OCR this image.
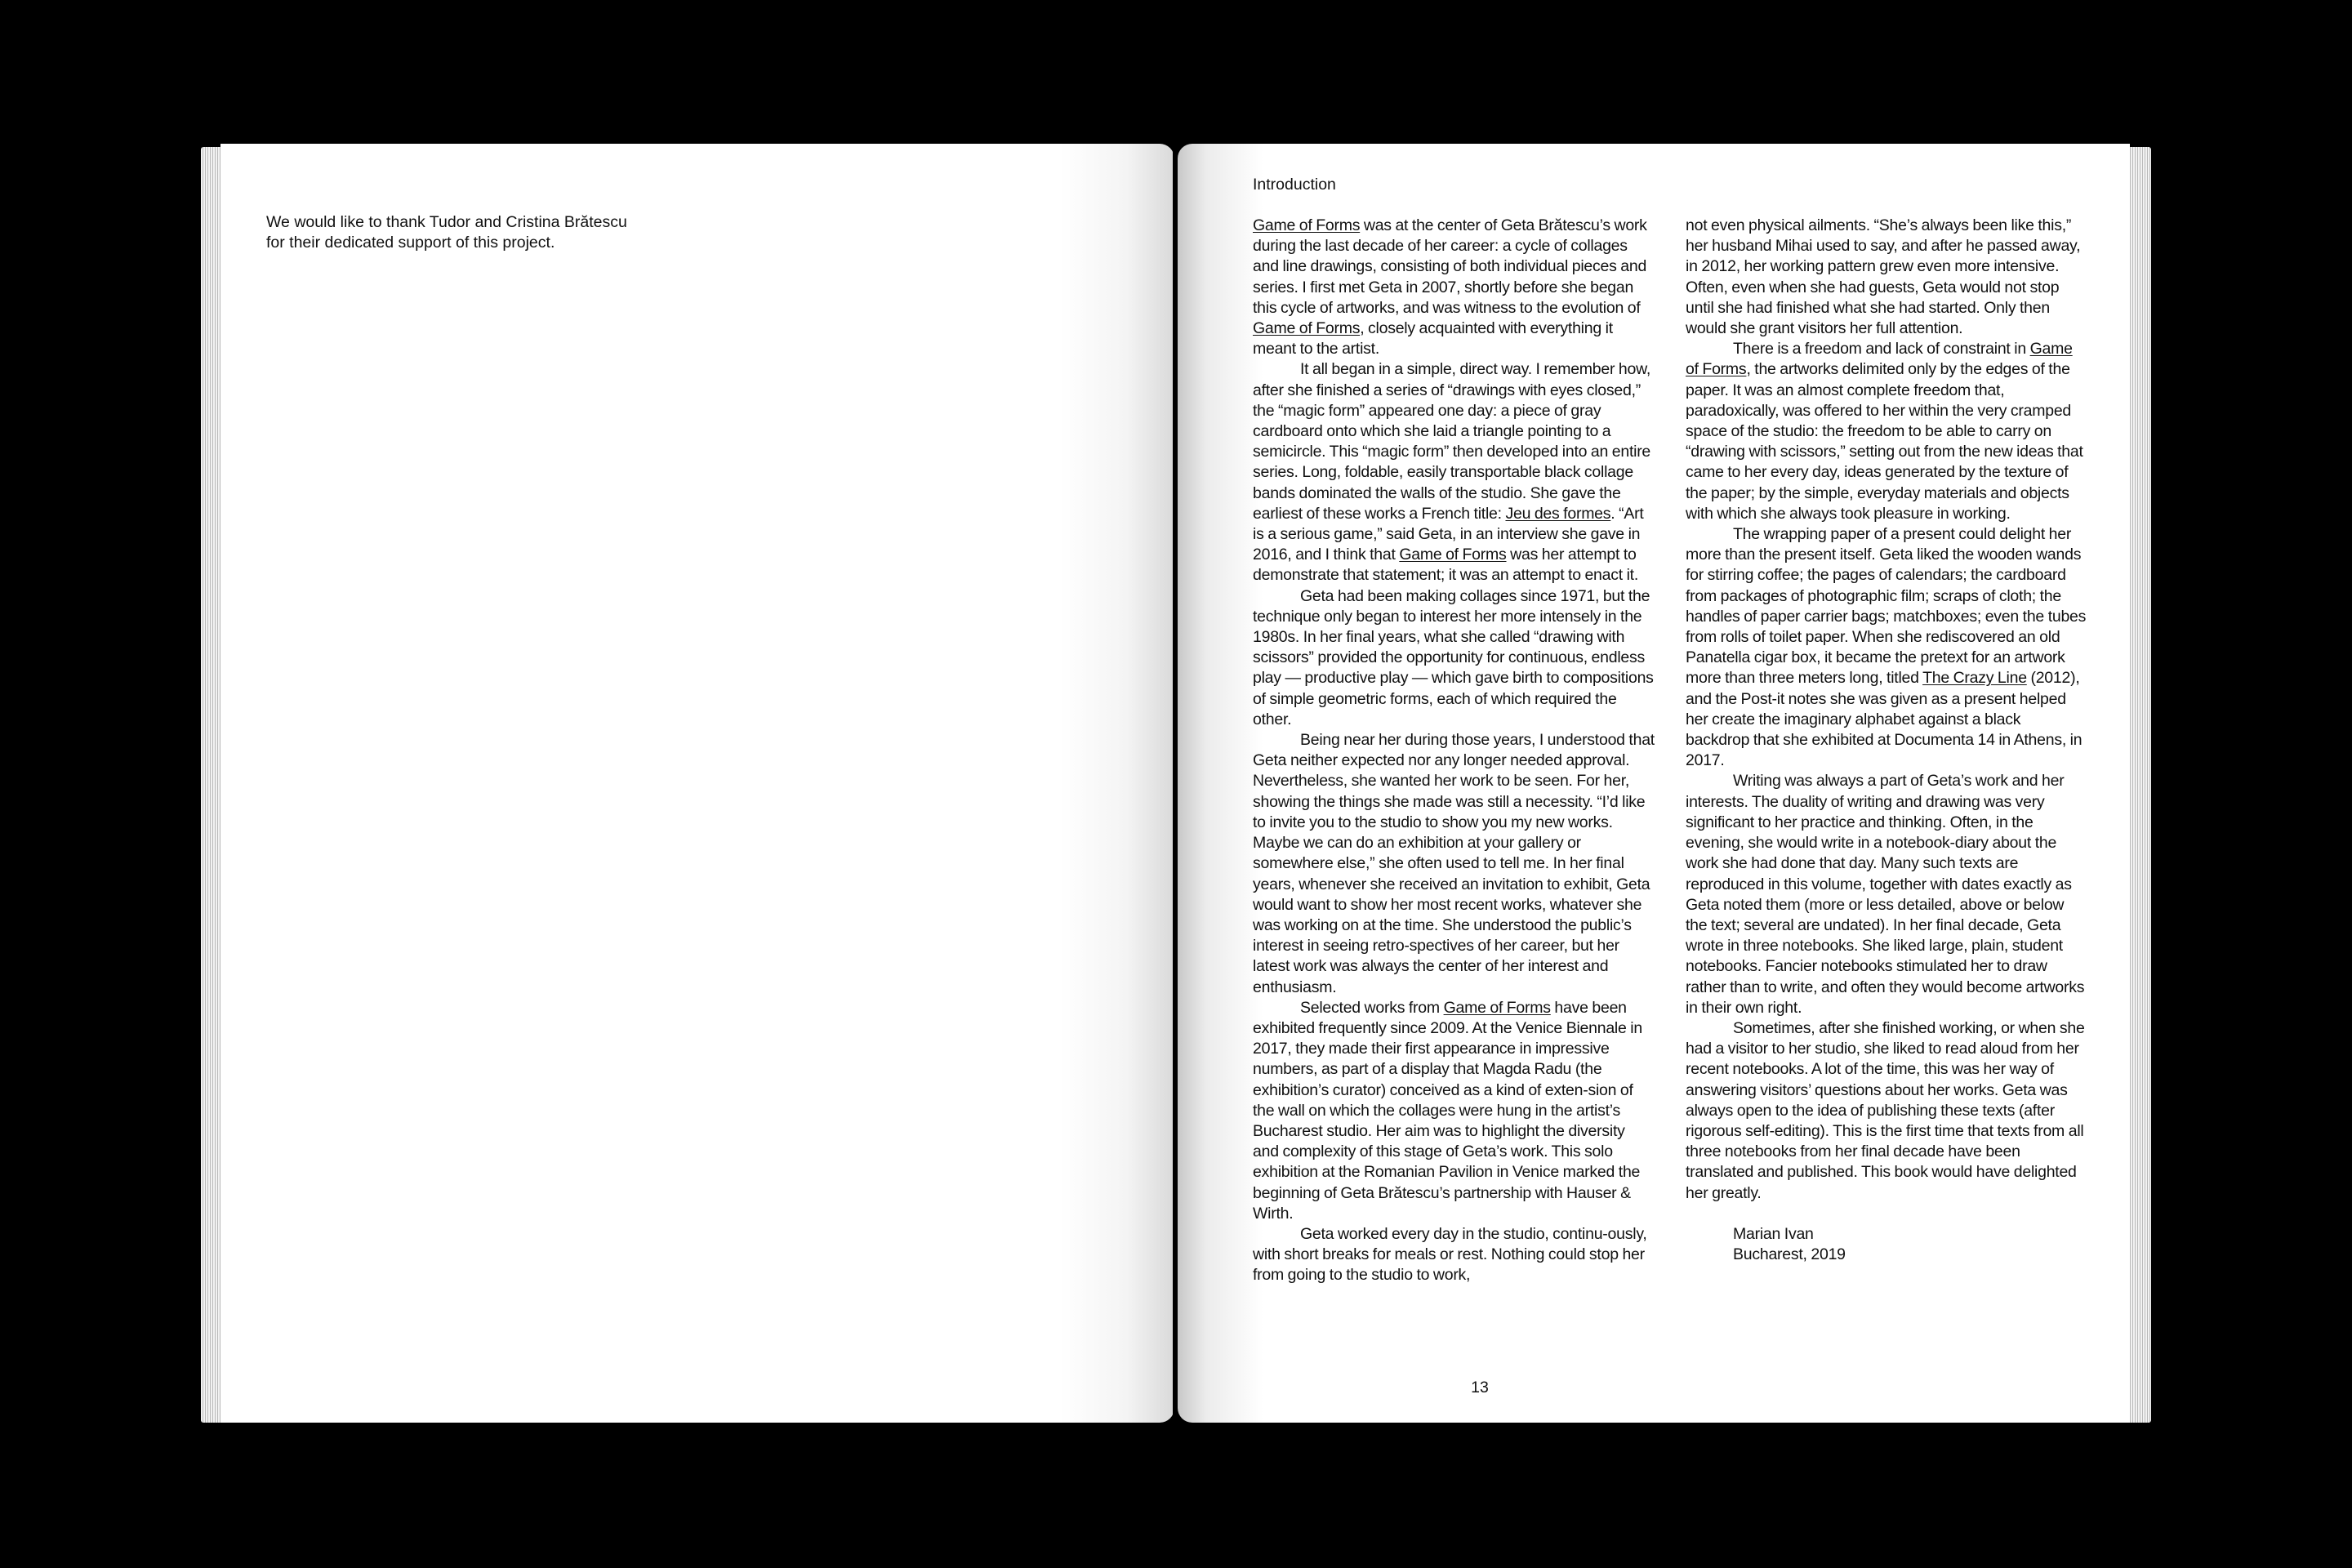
We would like to thank Tudor and Cristina Brătescu
for their dedicated support of this project.

Introduction

Game of Forms was at the center of Geta Brătescu’s work during the last decade of her career: a cycle of collages and line drawings, consisting of both individual pieces and series. I first met Geta in 2007, shortly before she began this cycle of artworks, and was witness to the evolution of Game of Forms, closely acquainted with everything it meant to the artist.

It all began in a simple, direct way. I remember how, after she finished a series of “drawings with eyes closed,” the “magic form” appeared one day: a piece of gray cardboard onto which she laid a triangle pointing to a semicircle. This “magic form” then developed into an entire series. Long, foldable, easily transportable black collage bands dominated the walls of the studio. She gave the earliest of these works a French title: Jeu des formes. “Art is a serious game,” said Geta, in an interview she gave in 2016, and I think that Game of Forms was her attempt to demonstrate that statement; it was an attempt to enact it.

Geta had been making collages since 1971, but the technique only began to interest her more intensely in the 1980s. In her final years, what she called “drawing with scissors” provided the opportunity for continuous, endless play — productive play — which gave birth to compositions of simple geometric forms, each of which required the other.

Being near her during those years, I understood that Geta neither expected nor any longer needed approval. Nevertheless, she wanted her work to be seen. For her, showing the things she made was still a necessity. “I’d like to invite you to the studio to show you my new works. Maybe we can do an exhibition at your gallery or somewhere else,” she often used to tell me. In her final years, whenever she received an invitation to exhibit, Geta would want to show her most recent works, whatever she was working on at the time. She understood the public’s interest in seeing retro-spectives of her career, but her latest work was always the center of her interest and enthusiasm.

Selected works from Game of Forms have been exhibited frequently since 2009. At the Venice Biennale in 2017, they made their first appearance in impressive numbers, as part of a display that Magda Radu (the exhibition’s curator) conceived as a kind of exten-sion of the wall on which the collages were hung in the artist’s Bucharest studio. Her aim was to highlight the diversity and complexity of this stage of Geta’s work. This solo exhibition at the Romanian Pavilion in Venice marked the beginning of Geta Brătescu’s partnership with Hauser & Wirth.

Geta worked every day in the studio, continu-ously, with short breaks for meals or rest. Nothing could stop her from going to the studio to work,

not even physical ailments. “She’s always been like this,” her husband Mihai used to say, and after he passed away, in 2012, her working pattern grew even more intensive. Often, even when she had guests, Geta would not stop until she had finished what she had started. Only then would she grant visitors her full attention.

There is a freedom and lack of constraint in Game of Forms, the artworks delimited only by the edges of the paper. It was an almost complete freedom that, paradoxically, was offered to her within the very cramped space of the studio: the freedom to be able to carry on “drawing with scissors,” setting out from the new ideas that came to her every day, ideas generated by the texture of the paper; by the simple, everyday materials and objects with which she always took pleasure in working.

The wrapping paper of a present could delight her more than the present itself. Geta liked the wooden wands for stirring coffee; the pages of calendars; the cardboard from packages of photographic film; scraps of cloth; the handles of paper carrier bags; matchboxes; even the tubes from rolls of toilet paper. When she rediscovered an old Panatella cigar box, it became the pretext for an artwork more than three meters long, titled The Crazy Line (2012), and the Post-it notes she was given as a present helped her create the imaginary alphabet against a black backdrop that she exhibited at Documenta 14 in Athens, in 2017.

Writing was always a part of Geta’s work and her interests. The duality of writing and drawing was very significant to her practice and thinking. Often, in the evening, she would write in a notebook-diary about the work she had done that day. Many such texts are reproduced in this volume, together with dates exactly as Geta noted them (more or less detailed, above or below the text; several are undated). In her final decade, Geta wrote in three notebooks. She liked large, plain, student notebooks. Fancier notebooks stimulated her to draw rather than to write, and often they would become artworks in their own right.

Sometimes, after she finished working, or when she had a visitor to her studio, she liked to read aloud from her recent notebooks. A lot of the time, this was her way of answering visitors’ questions about her works. Geta was always open to the idea of publishing these texts (after rigorous self-editing). This is the first time that texts from all three notebooks from her final decade have been translated and published. This book would have delighted her greatly.

Marian Ivan
Bucharest, 2019
13
